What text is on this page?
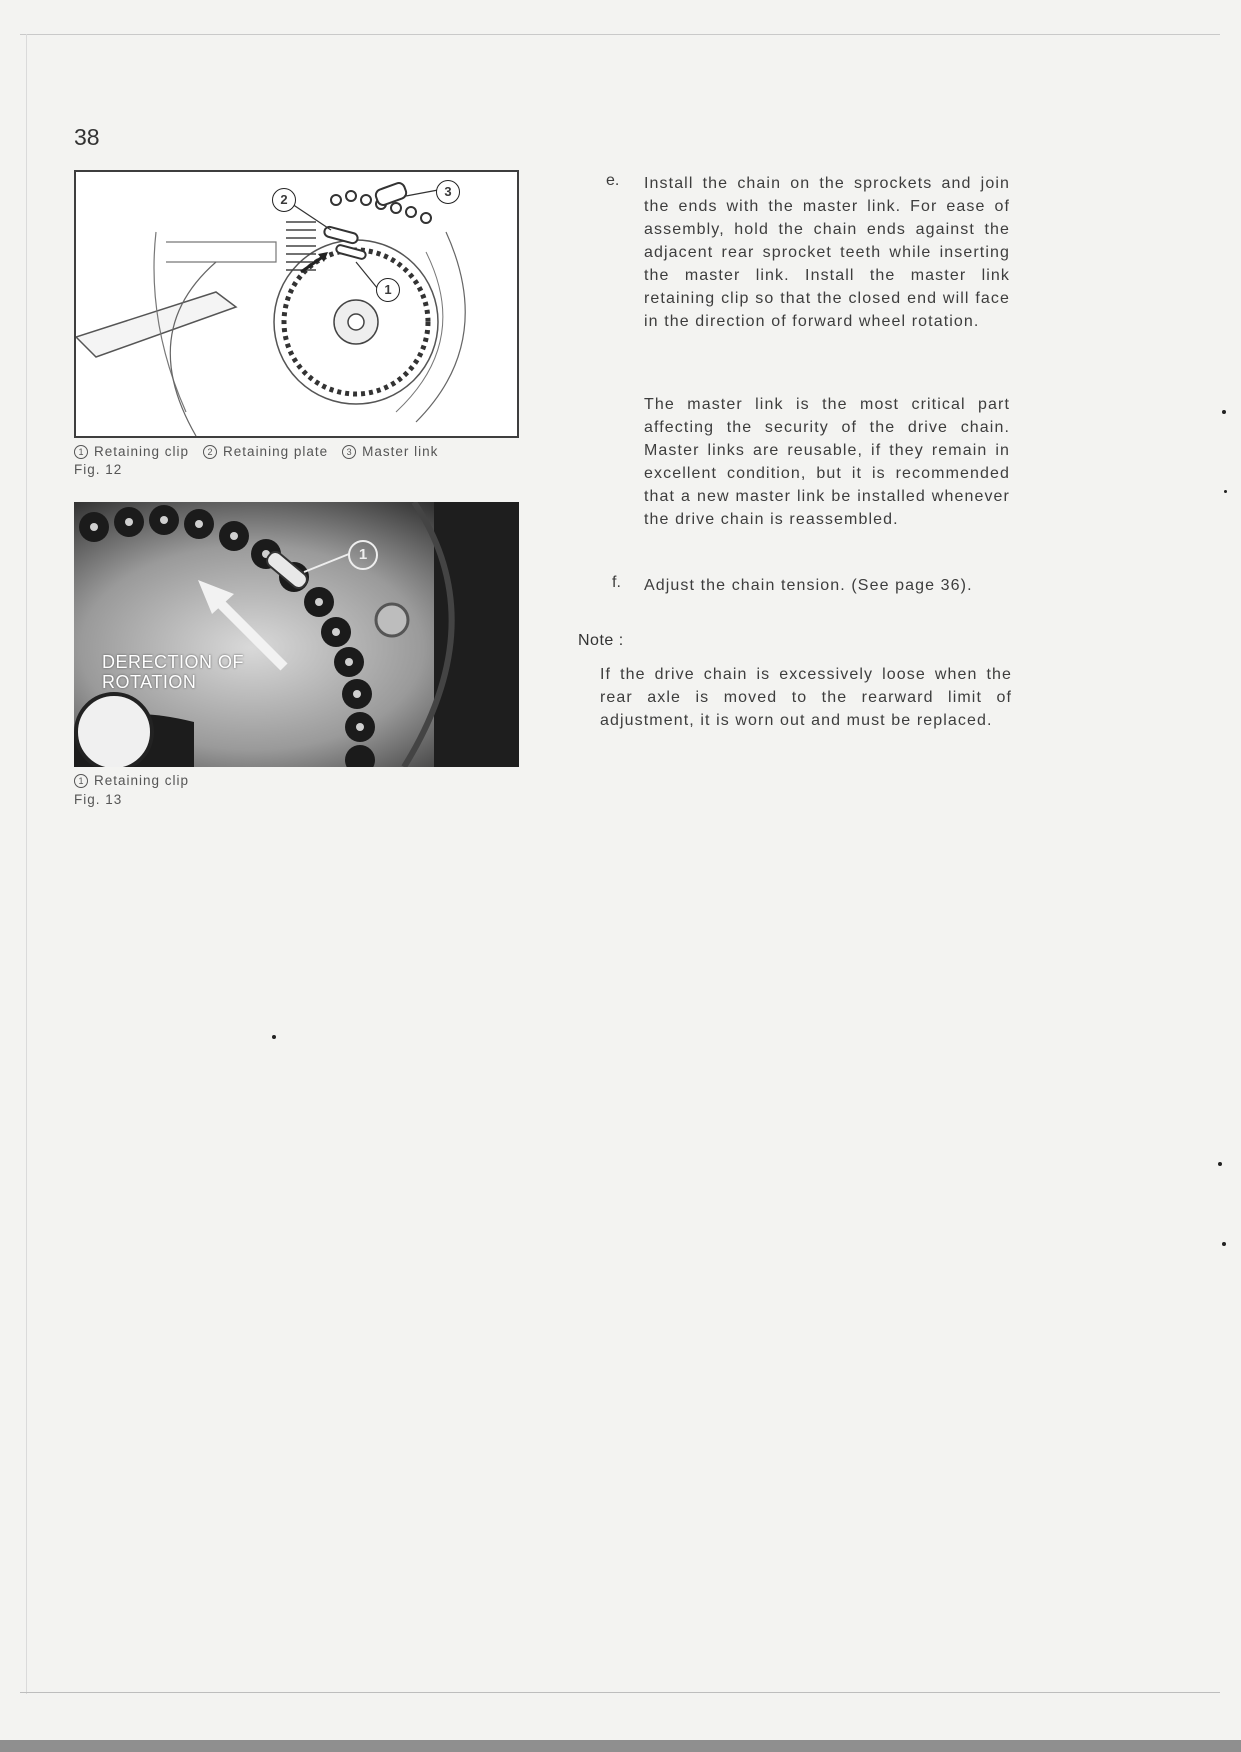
38
2
3
1
1 Retaining clip 2 Retaining plate 3 Master link
Fig. 12
1
DERECTION OF
ROTATION
1 Retaining clip
Fig. 13
e. Install the chain on the sprockets and join the ends with the master link. For ease of assembly, hold the chain ends against the adjacent rear sprocket teeth while inserting the master link. Install the master link retaining clip so that the closed end will face in the direction of forward wheel rotation.
The master link is the most critical part affecting the security of the drive chain. Master links are reusable, if they remain in excellent condition, but it is recommended that a new master link be installed whenever the drive chain is reassembled.
f. Adjust the chain tension. (See page 36).
Note :
If the drive chain is excessively loose when the rear axle is moved to the rearward limit of adjustment, it is worn out and must be replaced.
